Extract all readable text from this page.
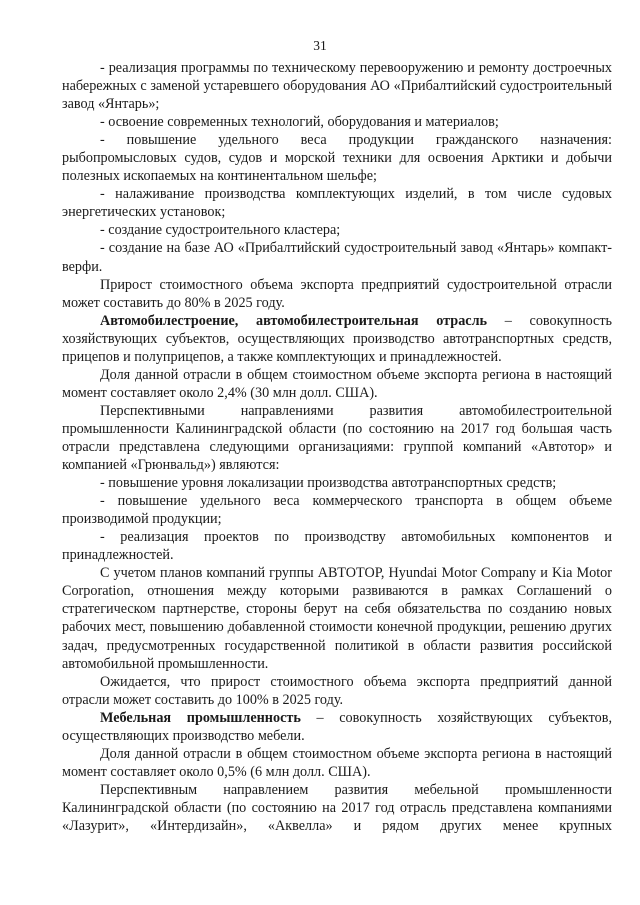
31

- реализация программы по техническому перевооружению и ремонту достроечных набережных с заменой устаревшего оборудования АО «Прибалтийский судостроительный завод «Янтарь»;

- освоение современных технологий, оборудования и материалов;

- повышение удельного веса продукции гражданского назначения: рыбопромысловых судов, судов и морской техники для освоения Арктики и добычи полезных ископаемых на континентальном шельфе;

- налаживание производства комплектующих изделий, в том числе судовых энергетических установок;

- создание судостроительного кластера;

- создание на базе АО «Прибалтийский судостроительный завод «Янтарь» компакт-верфи.

Прирост стоимостного объема экспорта предприятий судостроительной отрасли может составить до 80% в 2025 году.

Автомобилестроение, автомобилестроительная отрасль – совокупность хозяйствующих субъектов, осуществляющих производство автотранспортных средств, прицепов и полуприцепов, а также комплектующих и принадлежностей.

Доля данной отрасли в общем стоимостном объеме экспорта региона в настоящий момент составляет около 2,4% (30 млн долл. США).

Перспективными направлениями развития автомобилестроительной промышленности Калининградской области (по состоянию на 2017 год большая часть отрасли представлена следующими организациями: группой компаний «Автотор» и компанией «Грюнвальд») являются:

- повышение уровня локализации производства автотранспортных средств;

- повышение удельного веса коммерческого транспорта в общем объеме производимой продукции;

- реализация проектов по производству автомобильных компонентов и принадлежностей.

С учетом планов компаний группы АВТОТОР, Hyundai Motor Company и Kia Motor Corporation, отношения между которыми развиваются в рамках Соглашений о стратегическом партнерстве, стороны берут на себя обязательства по созданию новых рабочих мест, повышению добавленной стоимости конечной продукции, решению других задач, предусмотренных государственной политикой в области развития российской автомобильной промышленности.

Ожидается, что прирост стоимостного объема экспорта предприятий данной отрасли может составить до 100% в 2025 году.

Мебельная промышленность – совокупность хозяйствующих субъектов, осуществляющих производство мебели.

Доля данной отрасли в общем стоимостном объеме экспорта региона в настоящий момент составляет около 0,5% (6 млн долл. США).

Перспективным направлением развития мебельной промышленности Калининградской области (по состоянию на 2017 год отрасль представлена компаниями «Лазурит», «Интердизайн», «Аквелла» и рядом других менее крупных
